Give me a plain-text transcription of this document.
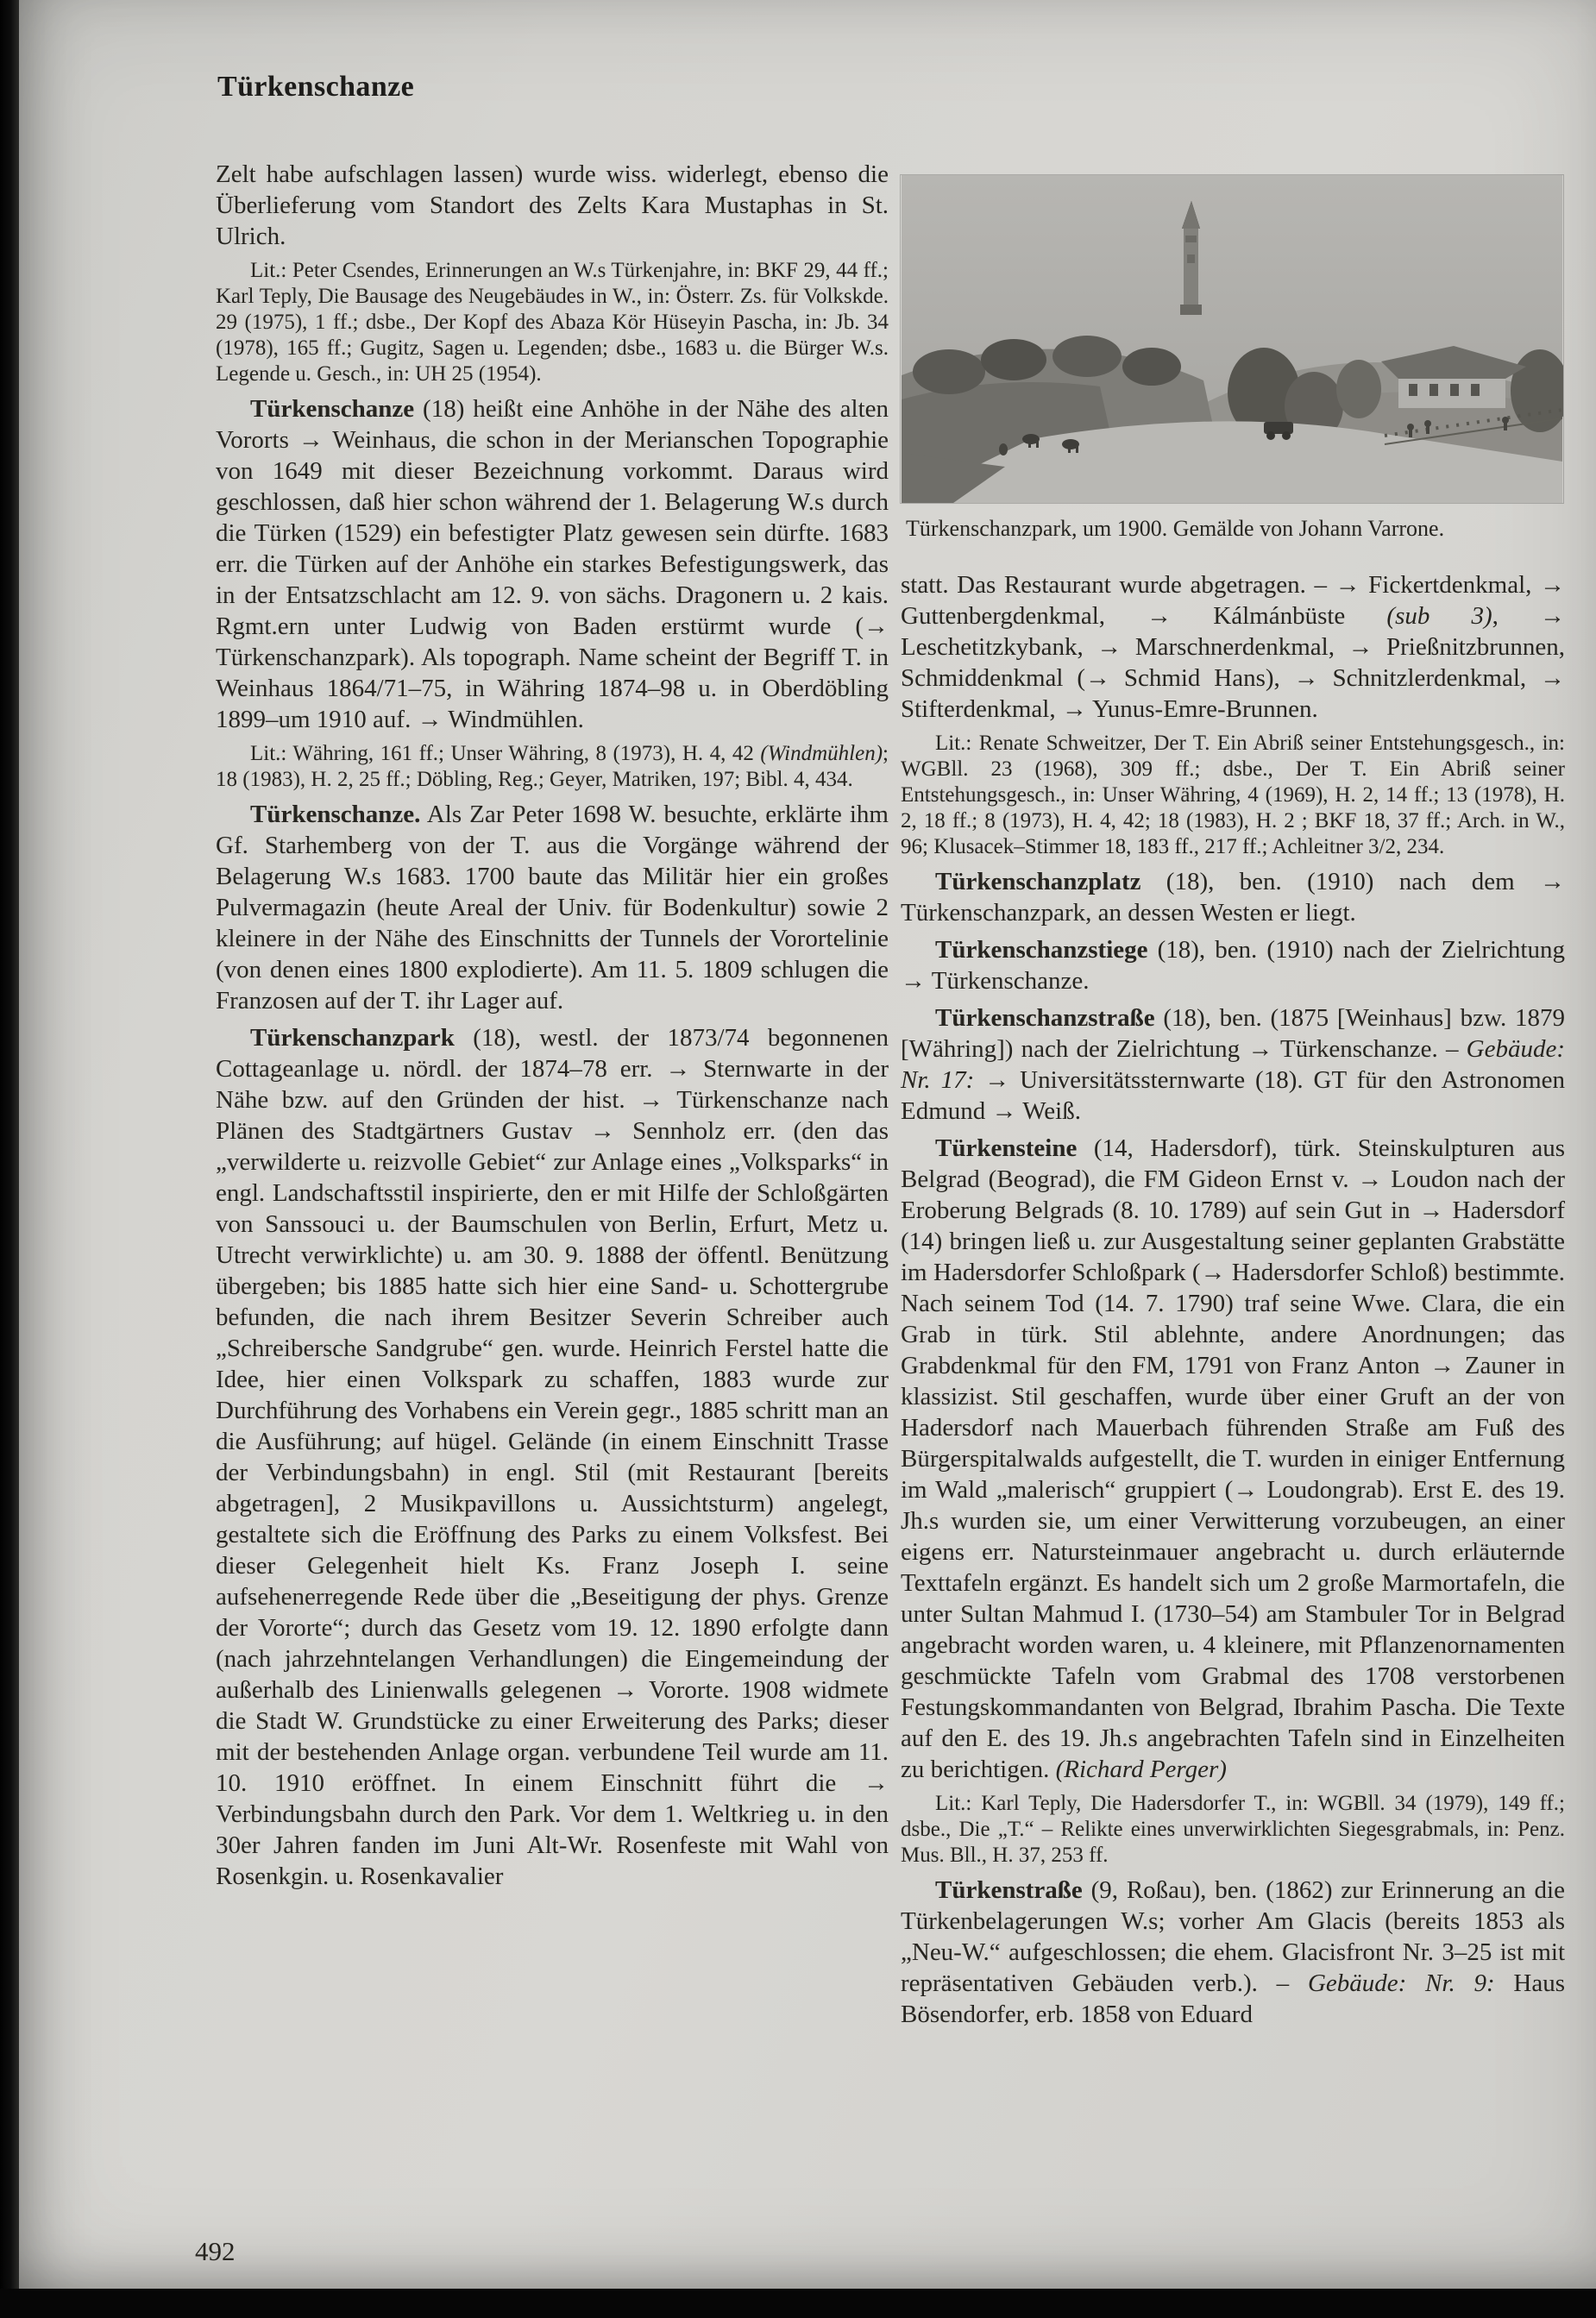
Türkenschanze

Zelt habe aufschlagen lassen) wurde wiss. widerlegt, ebenso die Überlieferung vom Standort des Zelts Kara Mustaphas in St. Ulrich.

Lit.: Peter Csendes, Erinnerungen an W.s Türkenjahre, in: BKF 29, 44 ff.; Karl Teply, Die Bausage des Neugebäudes in W., in: Österr. Zs. für Volkskde. 29 (1975), 1 ff.; dsbe., Der Kopf des Abaza Kör Hüseyin Pascha, in: Jb. 34 (1978), 165 ff.; Gugitz, Sagen u. Legenden; dsbe., 1683 u. die Bürger W.s. Legende u. Gesch., in: UH 25 (1954).

Türkenschanze (18) heißt eine Anhöhe in der Nähe des alten Vororts → Weinhaus, die schon in der Merianschen Topographie von 1649 mit dieser Bezeichnung vorkommt. Daraus wird geschlossen, daß hier schon während der 1. Belagerung W.s durch die Türken (1529) ein befestigter Platz gewesen sein dürfte. 1683 err. die Türken auf der Anhöhe ein starkes Befestigungswerk, das in der Entsatzschlacht am 12. 9. von sächs. Dragonern u. 2 kais. Rgmt.ern unter Ludwig von Baden erstürmt wurde (→ Türkenschanzpark). Als topograph. Name scheint der Begriff T. in Weinhaus 1864/71–75, in Währing 1874–98 u. in Oberdöbling 1899–um 1910 auf. → Windmühlen.

Lit.: Währing, 161 ff.; Unser Währing, 8 (1973), H. 4, 42 (Windmühlen); 18 (1983), H. 2, 25 ff.; Döbling, Reg.; Geyer, Matriken, 197; Bibl. 4, 434.

Türkenschanze. Als Zar Peter 1698 W. besuchte, erklärte ihm Gf. Starhemberg von der T. aus die Vorgänge während der Belagerung W.s 1683. 1700 baute das Militär hier ein großes Pulvermagazin (heute Areal der Univ. für Bodenkultur) sowie 2 kleinere in der Nähe des Einschnitts der Tunnels der Vorortelinie (von denen eines 1800 explodierte). Am 11. 5. 1809 schlugen die Franzosen auf der T. ihr Lager auf.

Türkenschanzpark (18), westl. der 1873/74 begonnenen Cottageanlage u. nördl. der 1874–78 err. → Sternwarte in der Nähe bzw. auf den Gründen der hist. → Türkenschanze nach Plänen des Stadtgärtners Gustav → Sennholz err. (den das „verwilderte u. reizvolle Gebiet“ zur Anlage eines „Volksparks“ in engl. Landschaftsstil inspirierte, den er mit Hilfe der Schloßgärten von Sanssouci u. der Baumschulen von Berlin, Erfurt, Metz u. Utrecht verwirklichte) u. am 30. 9. 1888 der öffentl. Benützung übergeben; bis 1885 hatte sich hier eine Sand- u. Schottergrube befunden, die nach ihrem Besitzer Severin Schreiber auch „Schreibersche Sandgrube“ gen. wurde. Heinrich Ferstel hatte die Idee, hier einen Volkspark zu schaffen, 1883 wurde zur Durchführung des Vorhabens ein Verein gegr., 1885 schritt man an die Ausführung; auf hügel. Gelände (in einem Einschnitt Trasse der Verbindungsbahn) in engl. Stil (mit Restaurant [bereits abgetragen], 2 Musikpavillons u. Aussichtsturm) angelegt, gestaltete sich die Eröffnung des Parks zu einem Volksfest. Bei dieser Gelegenheit hielt Ks. Franz Joseph I. seine aufsehenerregende Rede über die „Beseitigung der phys. Grenze der Vororte“; durch das Gesetz vom 19. 12. 1890 erfolgte dann (nach jahrzehntelangen Verhandlungen) die Eingemeindung der außerhalb des Linienwalls gelegenen → Vororte. 1908 widmete die Stadt W. Grundstücke zu einer Erweiterung des Parks; dieser mit der bestehenden Anlage organ. verbundene Teil wurde am 11. 10. 1910 eröffnet. In einem Einschnitt führt die → Verbindungsbahn durch den Park. Vor dem 1. Weltkrieg u. in den 30er Jahren fanden im Juni Alt-Wr. Rosenfeste mit Wahl von Rosenkgin. u. Rosenkavalier

Türkenschanzpark, um 1900. Gemälde von Johann Varrone.

statt. Das Restaurant wurde abgetragen. – → Fickertdenkmal, → Guttenbergdenkmal, → Kálmánbüste (sub 3), → Leschetitzkybank, → Marschnerdenkmal, → Prießnitzbrunnen, Schmiddenkmal (→ Schmid Hans), → Schnitzlerdenkmal, → Stifterdenkmal, → Yunus-Emre-Brunnen.

Lit.: Renate Schweitzer, Der T. Ein Abriß seiner Entstehungsgesch., in: WGBll. 23 (1968), 309 ff.; dsbe., Der T. Ein Abriß seiner Entstehungsgesch., in: Unser Währing, 4 (1969), H. 2, 14 ff.; 13 (1978), H. 2, 18 ff.; 8 (1973), H. 4, 42; 18 (1983), H. 2 ; BKF 18, 37 ff.; Arch. in W., 96; Klusacek–Stimmer 18, 183 ff., 217 ff.; Achleitner 3/2, 234.

Türkenschanzplatz (18), ben. (1910) nach dem → Türkenschanzpark, an dessen Westen er liegt.

Türkenschanzstiege (18), ben. (1910) nach der Zielrichtung → Türkenschanze.

Türkenschanzstraße (18), ben. (1875 [Weinhaus] bzw. 1879 [Währing]) nach der Zielrichtung → Türkenschanze. – Gebäude: Nr. 17: → Universitätssternwarte (18). GT für den Astronomen Edmund → Weiß.

Türkensteine (14, Hadersdorf), türk. Steinskulpturen aus Belgrad (Beograd), die FM Gideon Ernst v. → Loudon nach der Eroberung Belgrads (8. 10. 1789) auf sein Gut in → Hadersdorf (14) bringen ließ u. zur Ausgestaltung seiner geplanten Grabstätte im Hadersdorfer Schloßpark (→ Hadersdorfer Schloß) bestimmte. Nach seinem Tod (14. 7. 1790) traf seine Wwe. Clara, die ein Grab in türk. Stil ablehnte, andere Anordnungen; das Grabdenkmal für den FM, 1791 von Franz Anton → Zauner in klassizist. Stil geschaffen, wurde über einer Gruft an der von Hadersdorf nach Mauerbach führenden Straße am Fuß des Bürgerspitalwalds aufgestellt, die T. wurden in einiger Entfernung im Wald „malerisch“ gruppiert (→ Loudongrab). Erst E. des 19. Jh.s wurden sie, um einer Verwitterung vorzubeugen, an einer eigens err. Natursteinmauer angebracht u. durch erläuternde Texttafeln ergänzt. Es handelt sich um 2 große Marmortafeln, die unter Sultan Mahmud I. (1730–54) am Stambuler Tor in Belgrad angebracht worden waren, u. 4 kleinere, mit Pflanzenornamenten geschmückte Tafeln vom Grabmal des 1708 verstorbenen Festungskommandanten von Belgrad, Ibrahim Pascha. Die Texte auf den E. des 19. Jh.s angebrachten Tafeln sind in Einzelheiten zu berichtigen. (Richard Perger)

Lit.: Karl Teply, Die Hadersdorfer T., in: WGBll. 34 (1979), 149 ff.; dsbe., Die „T.“ – Relikte eines unverwirklichten Siegesgrabmals, in: Penz. Mus. Bll., H. 37, 253 ff.

Türkenstraße (9, Roßau), ben. (1862) zur Erinnerung an die Türkenbelagerungen W.s; vorher Am Glacis (bereits 1853 als „Neu-W.“ aufgeschlossen; die ehem. Glacisfront Nr. 3–25 ist mit repräsentativen Gebäuden verb.). – Gebäude: Nr. 9: Haus Bösendorfer, erb. 1858 von Eduard

492
